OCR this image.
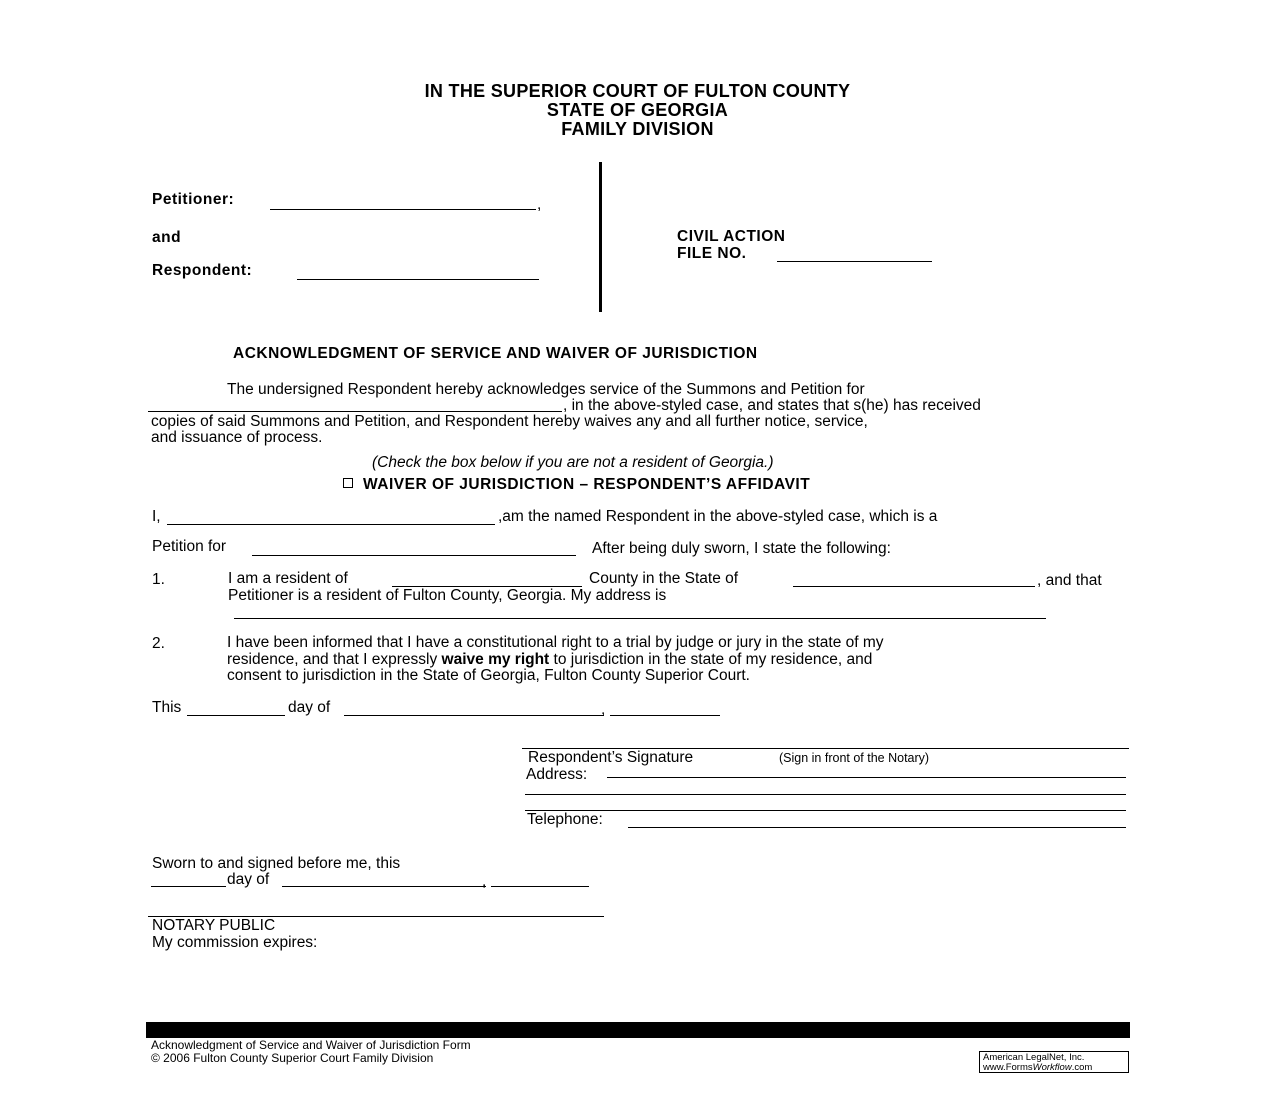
IN THE SUPERIOR COURT OF FULTON COUNTY
STATE OF GEORGIA
FAMILY DIVISION
Petitioner:	,
and
Respondent:
CIVIL ACTION
FILE NO.
ACKNOWLEDGMENT OF SERVICE AND WAIVER OF JURISDICTION
The undersigned Respondent hereby acknowledges service of the Summons and Petition for
, in the above-styled case, and states that s(he) has received
copies of said Summons and Petition, and Respondent hereby waives any and all further notice, service,
and issuance of process.
(Check the box below if you are not a resident of Georgia.)
WAIVER OF JURISDICTION – RESPONDENT’S AFFIDAVIT
I,	,am the named Respondent in the above-styled case, which is a
Petition for	After being duly sworn, I state the following:
1.	I am a resident of	County in the State of	, and that
Petitioner is a resident of Fulton County, Georgia. My address is
2.	I have been informed that I have a constitutional right to a trial by judge or jury in the state of my
residence, and that I expressly waive my right to jurisdiction in the state of my residence, and
consent to jurisdiction in the State of Georgia, Fulton County Superior Court.
This	day of	,
Respondent’s Signature	(Sign in front of the Notary)
Address:
Telephone:
Sworn to and signed before me, this
day of	,
NOTARY PUBLIC
My commission expires:
Acknowledgment of Service and Waiver of Jurisdiction Form
© 2006 Fulton County Superior Court Family Division	American LegalNet, Inc.
www.FormsWorkflow.com
